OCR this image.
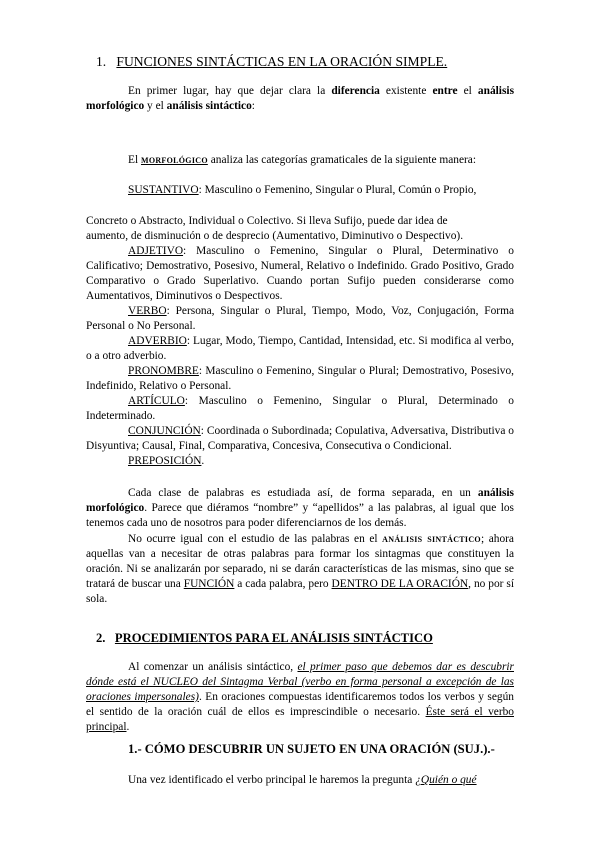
1. FUNCIONES SINTÁCTICAS EN LA ORACIÓN SIMPLE.

En primer lugar, hay que dejar clara la diferencia existente entre el análisis morfológico y el análisis sintáctico:

El morfológico analiza las categorías gramaticales de la siguiente manera:

SUSTANTIVO: Masculino o Femenino, Singular o Plural, Común o Propio,

Concreto o Abstracto, Individual o Colectivo. Si lleva Sufijo, puede dar idea de aumento, de disminución o de desprecio (Aumentativo, Diminutivo o Despectivo).

ADJETIVO: Masculino o Femenino, Singular o Plural, Determinativo o Calificativo; Demostrativo, Posesivo, Numeral, Relativo o Indefinido. Grado Positivo, Grado Comparativo o Grado Superlativo. Cuando portan Sufijo pueden considerarse como Aumentativos, Diminutivos o Despectivos.

VERBO: Persona, Singular o Plural, Tiempo, Modo, Voz, Conjugación, Forma Personal o No Personal.

ADVERBIO: Lugar, Modo, Tiempo, Cantidad, Intensidad, etc. Si modifica al verbo, o a otro adverbio.

PRONOMBRE: Masculino o Femenino, Singular o Plural; Demostrativo, Posesivo, Indefinido, Relativo o Personal.

ARTÍCULO: Masculino o Femenino, Singular o Plural, Determinado o Indeterminado.

CONJUNCIÓN: Coordinada o Subordinada; Copulativa, Adversativa, Distributiva o Disyuntiva; Causal, Final, Comparativa, Concesiva, Consecutiva o Condicional.

PREPOSICIÓN.

Cada clase de palabras es estudiada así, de forma separada, en un análisis morfológico. Parece que diéramos “nombre” y “apellidos” a las palabras, al igual que los tenemos cada uno de nosotros para poder diferenciarnos de los demás.

No ocurre igual con el estudio de las palabras en el análisis sintáctico; ahora aquellas van a necesitar de otras palabras para formar los sintagmas que constituyen la oración. Ni se analizarán por separado, ni se darán características de las mismas, sino que se tratará de buscar una FUNCIÓN a cada palabra, pero DENTRO DE LA ORACIÓN, no por sí sola.

2. PROCEDIMIENTOS PARA EL ANÁLISIS SINTÁCTICO

Al comenzar un análisis sintáctico, el primer paso que debemos dar es descubrir dónde está el NUCLEO del Sintagma Verbal (verbo en forma personal a excepción de las oraciones impersonales). En oraciones compuestas identificaremos todos los verbos y según el sentido de la oración cuál de ellos es imprescindible o necesario. Éste será el verbo principal.

1.- CÓMO DESCUBRIR UN SUJETO EN UNA ORACIÓN (SUJ.).-

Una vez identificado el verbo principal le haremos la pregunta ¿Quién o qué
